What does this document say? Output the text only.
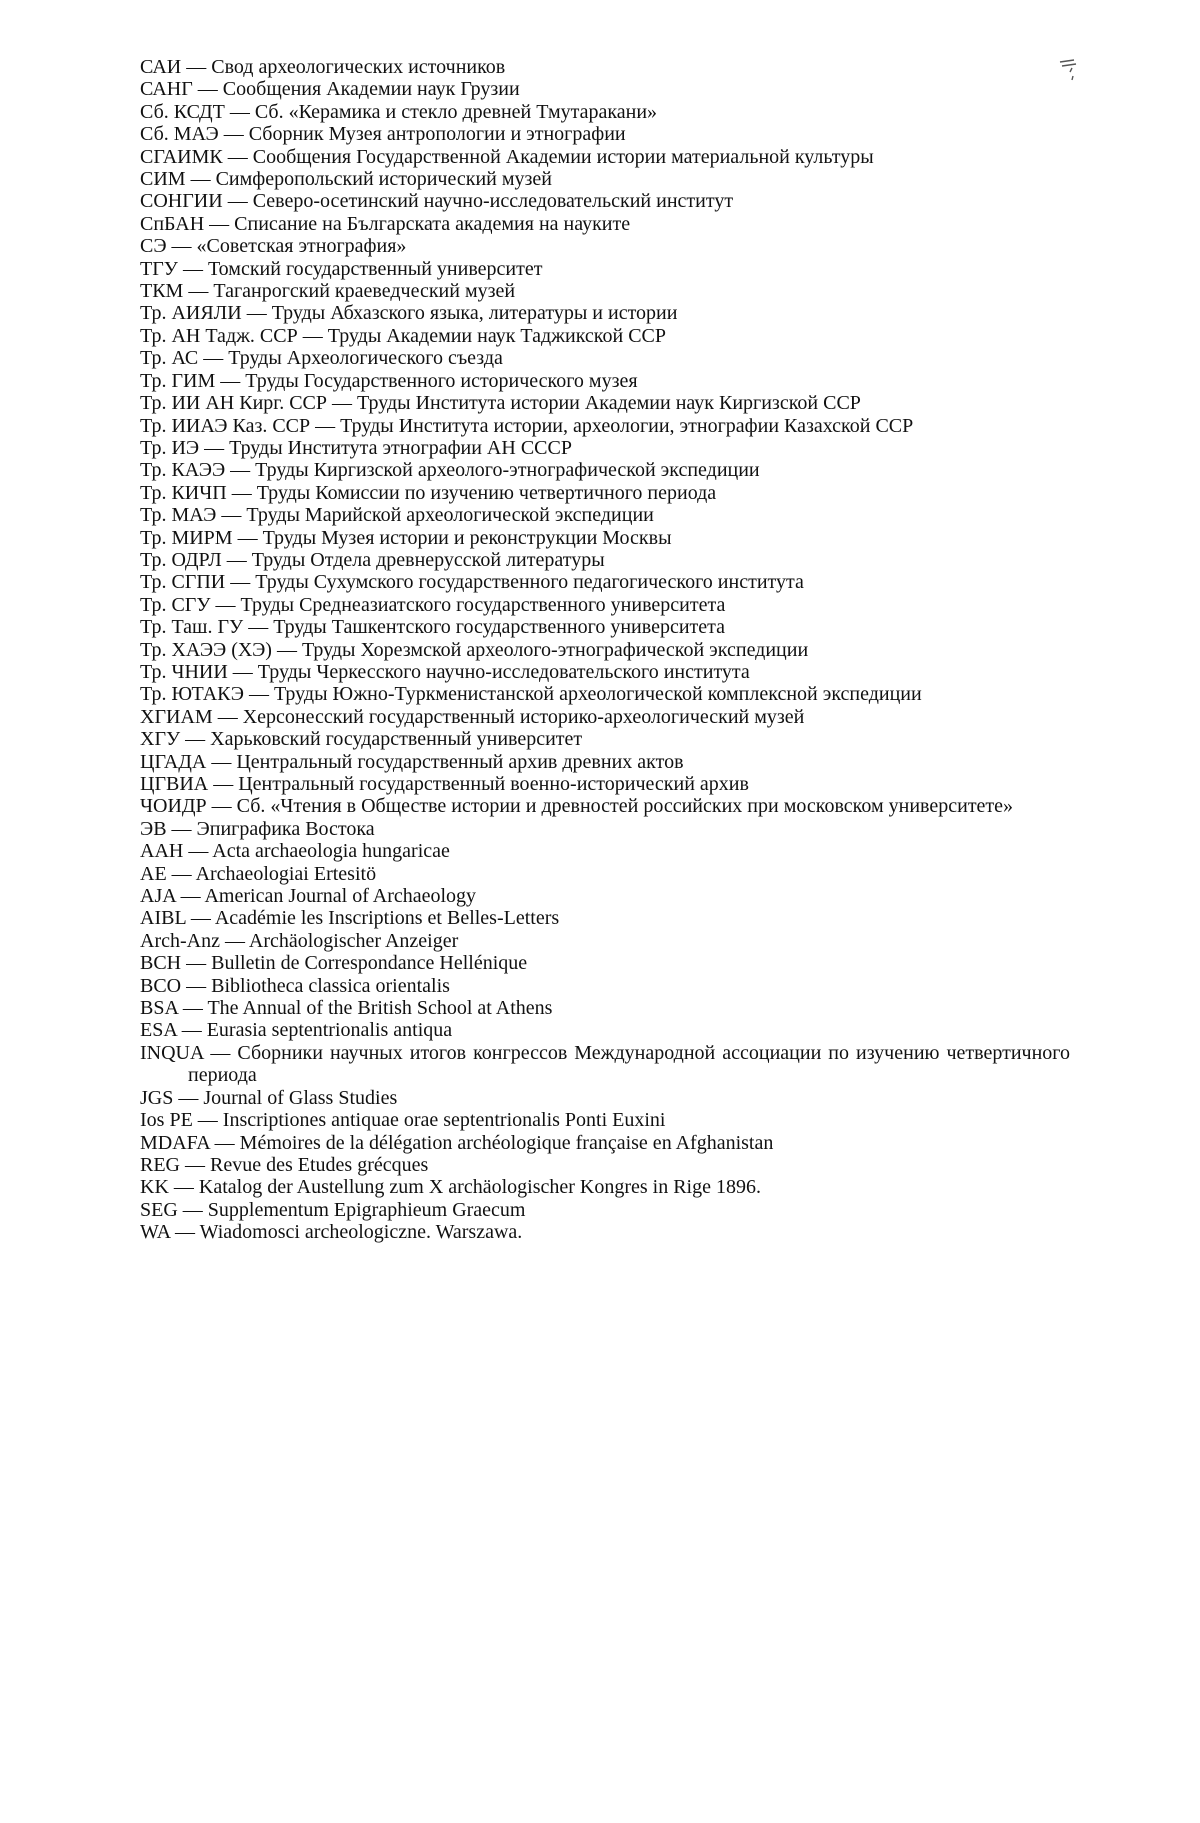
САИ — Свод археологических источников
САНГ — Сообщения Академии наук Грузии
Сб. КСДТ — Сб. «Керамика и стекло древней Тмутаракани»
Сб. МАЭ — Сборник Музея антропологии и этнографии
СГАИМК — Сообщения Государственной Академии истории материальной культуры
СИМ — Симферопольский исторический музей
СОНГИИ — Северо-осетинский научно-исследовательский институт
СпБАН — Списание на Българската академия на науките
СЭ — «Советская этнография»
ТГУ — Томский государственный университет
ТКМ — Таганрогский краеведческий музей
Тр. АИЯЛИ — Труды Абхазского языка, литературы и истории
Тр. АН Тадж. ССР — Труды Академии наук Таджикской ССР
Тр. АС — Труды Археологического съезда
Тр. ГИМ — Труды Государственного исторического музея
Тр. ИИ АН Кирг. ССР — Труды Института истории Академии наук Киргизской ССР
Тр. ИИАЭ Каз. ССР — Труды Института истории, археологии, этнографии Казахской ССР
Тр. ИЭ — Труды Института этнографии АН СССР
Тр. КАЭЭ — Труды Киргизской археолого-этнографической экспедиции
Тр. КИЧП — Труды Комиссии по изучению четвертичного периода
Тр. МАЭ — Труды Марийской археологической экспедиции
Тр. МИРМ — Труды Музея истории и реконструкции Москвы
Тр. ОДРЛ — Труды Отдела древнерусской литературы
Тр. СГПИ — Труды Сухумского государственного педагогического института
Тр. СГУ — Труды Среднеазиатского государственного университета
Тр. Таш. ГУ — Труды Ташкентского государственного университета
Тр. ХАЭЭ (ХЭ) — Труды Хорезмской археолого-этнографической экспедиции
Тр. ЧНИИ — Труды Черкесского научно-исследовательского института
Тр. ЮТАКЭ — Труды Южно-Туркменистанской археологической комплексной экспедиции
ХГИАМ — Херсонесский государственный историко-археологический музей
ХГУ — Харьковский государственный университет
ЦГАДА — Центральный государственный архив древних актов
ЦГВИА — Центральный государственный военно-исторический архив
ЧОИДР — Сб. «Чтения в Обществе истории и древностей российских при московском университете»
ЭВ — Эпиграфика Востока
AAH — Acta archaeologia hungaricae
AE — Archaeologiai Ertesitö
AJA — American Journal of Archaeology
AIBL — Académie les Inscriptions et Belles-Letters
Arch-Anz — Archäologischer Anzeiger
BCH — Bulletin de Correspondance Hellénique
BCO — Bibliotheca classica orientalis
BSA — The Annual of the British School at Athens
ESA — Eurasia septentrionalis antiqua
INQUA — Сборники научных итогов конгрессов Международной ассоциации по изучению четвертичного периода
JGS — Journal of Glass Studies
Ios PE — Inscriptiones antiquae orae septentrionalis Ponti Euxini
MDAFA — Mémoires de la délégation archéologique française en Afghanistan
REG — Revue des Etudes grécques
KK — Katalog der Austellung zum X archäologischer Kongres in Rige 1896.
SEG — Supplementum Epigraphieum Graecum
WA — Wiadomosci archeologiczne. Warszawa.
